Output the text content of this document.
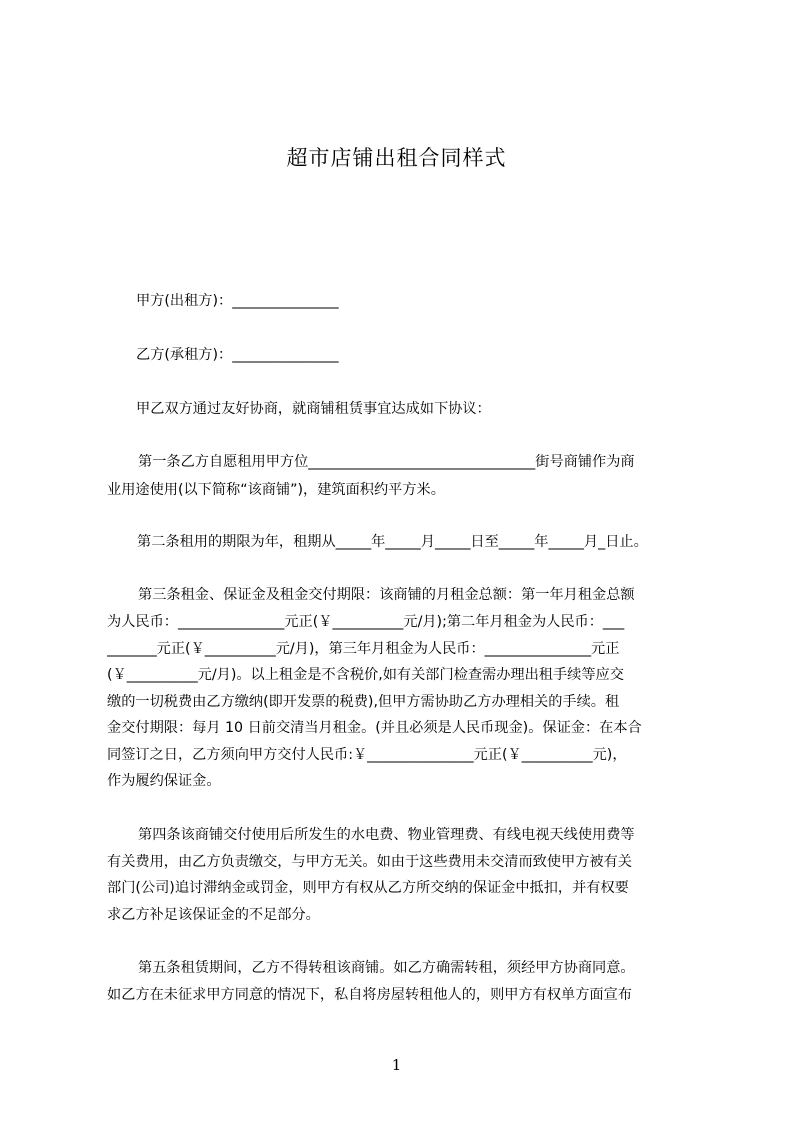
超市店铺出租合同样式
甲方(出租方)：_______________
乙方(承租方)：_______________
甲乙双方通过友好协商，就商铺租赁事宜达成如下协议：
第一条乙方自愿租用甲方位________________________________街号商铺作为商
业用途使用(以下简称“该商铺”)，建筑面积约平方米。
第二条租用的期限为年，租期从_____年_____月_____日至_____年_____月_日止。
第三条租金、保证金及租金交付期限：该商铺的月租金总额：第一年月租金总额
为人民币：_______________元正(￥__________元/月);第二年月租金为人民币：___
_______元正(￥__________元/月)，第三年月租金为人民币：_______________元正
(￥__________元/月)。以上租金是不含税价,如有关部门检查需办理出租手续等应交
缴的一切税费由乙方缴纳(即开发票的税费),但甲方需协助乙方办理相关的手续。租
金交付期限：每月 10 日前交清当月租金。(并且必须是人民币现金)。保证金：在本合
同签订之日，乙方须向甲方交付人民币:￥_______________元正(￥__________元)，
作为履约保证金。
第四条该商铺交付使用后所发生的水电费、物业管理费、有线电视天线使用费等
有关费用，由乙方负责缴交，与甲方无关。如由于这些费用未交清而致使甲方被有关
部门(公司)追讨滞纳金或罚金，则甲方有权从乙方所交纳的保证金中抵扣，并有权要
求乙方补足该保证金的不足部分。
第五条租赁期间，乙方不得转租该商铺。如乙方确需转租，须经甲方协商同意。
如乙方在未征求甲方同意的情况下，私自将房屋转租他人的，则甲方有权单方面宣布
1
